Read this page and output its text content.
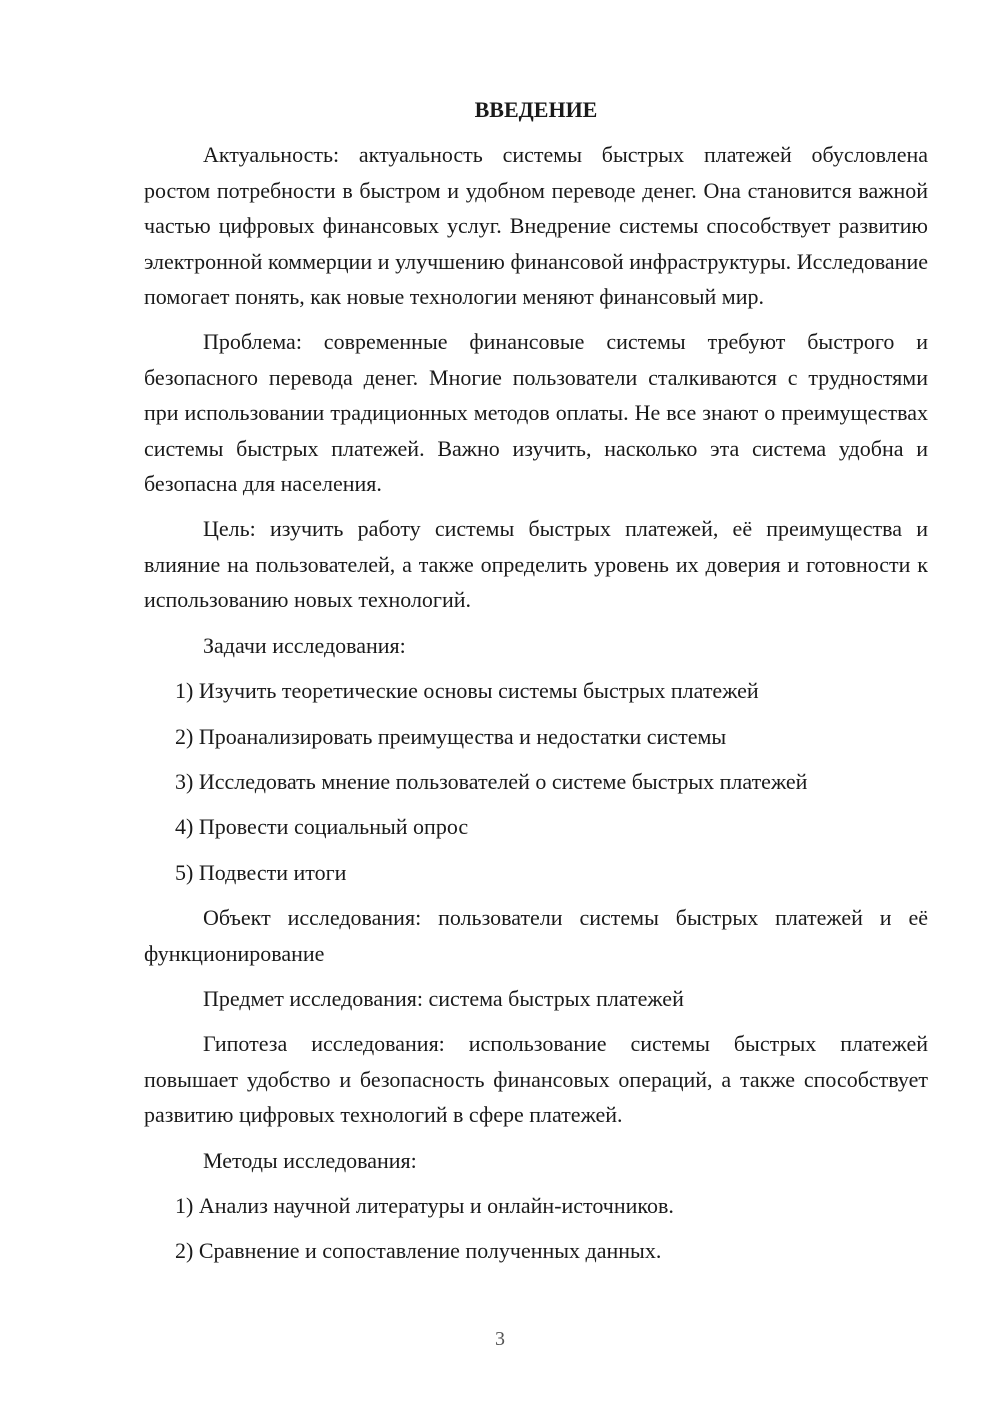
ВВЕДЕНИЕ

Актуальность: актуальность системы быстрых платежей обусловлена ростом потребности в быстром и удобном переводе денег. Она становится важной частью цифровых финансовых услуг. Внедрение системы способствует развитию электронной коммерции и улучшению финансовой инфраструктуры. Исследование помогает понять, как новые технологии меняют финансовый мир.

Проблема: современные финансовые системы требуют быстрого и безопасного перевода денег. Многие пользователи сталкиваются с трудностями при использовании традиционных методов оплаты. Не все знают о преимуществах системы быстрых платежей. Важно изучить, насколько эта система удобна и безопасна для населения.

Цель: изучить работу системы быстрых платежей, её преимущества и влияние на пользователей, а также определить уровень их доверия и готовности к использованию новых технологий.

Задачи исследования:

1) Изучить теоретические основы системы быстрых платежей
2) Проанализировать преимущества и недостатки системы
3) Исследовать мнение пользователей о системе быстрых платежей
4) Провести социальный опрос
5) Подвести итоги

Объект исследования: пользователи системы быстрых платежей и её функционирование

Предмет исследования: система быстрых платежей

Гипотеза исследования: использование системы быстрых платежей повышает удобство и безопасность финансовых операций, а также способствует развитию цифровых технологий в сфере платежей.

Методы исследования:

1) Анализ научной литературы и онлайн-источников.
2) Сравнение и сопоставление полученных данных.
3
